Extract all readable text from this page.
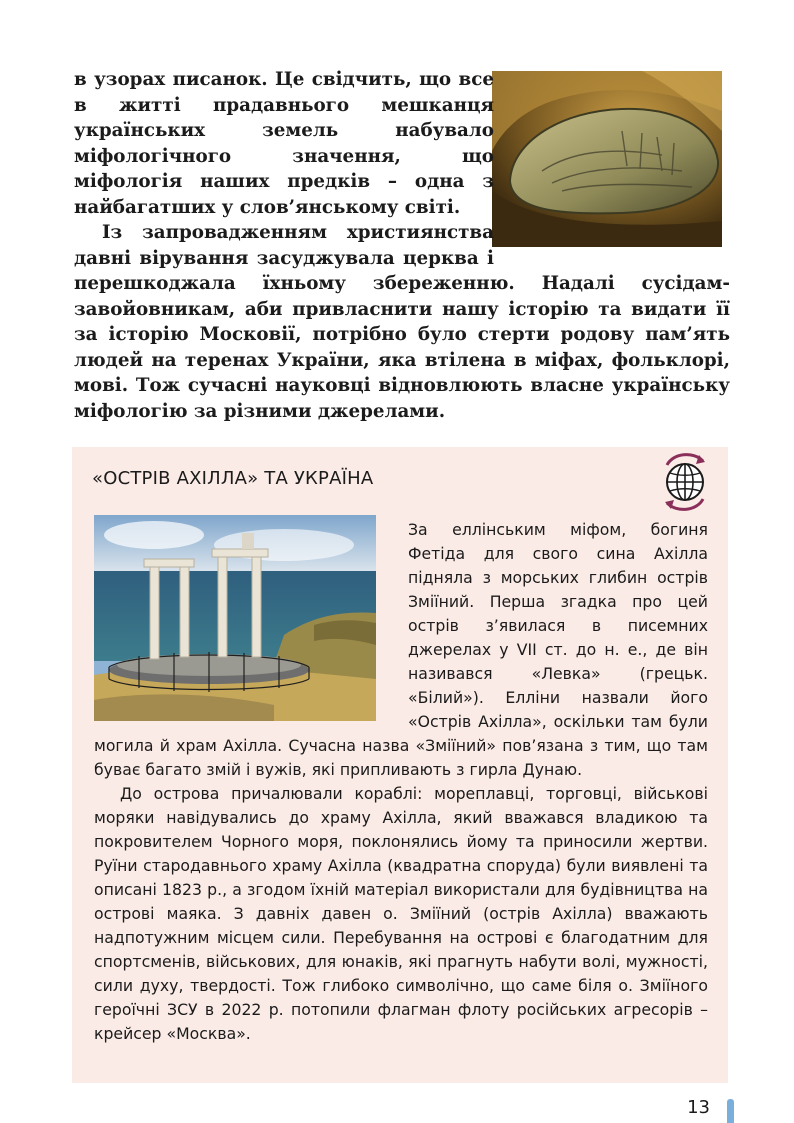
в узорах писанок. Це свідчить, що все в житті прадавнього мешканця українських земель набувало міфологічного значення, що міфологія наших предків – одна з найбагатших у слов’янському світі.

Із запровадженням християнства давні вірування засуджувала церква і перешкоджала їхньому збереженню. Надалі сусідам-завойовникам, аби привласнити нашу історію та видати її за історію Московії, потрібно було стерти родову пам’ять людей на теренах України, яка втілена в міфах, фольклорі, мові. Тож сучасні науковці відновлюють власне українську міфологію за різними джерелами.

«ОСТРІВ АХІЛЛА» ТА УКРАЇНА

За еллінським міфом, богиня Фетіда для свого сина Ахілла підняла з морських глибин острів Зміїний. Перша згадка про цей острів з’явилася в писемних джерелах у VII ст. до н. е., де він називався «Левка» (грецьк. «Білий»). Елліни назвали його «Острів Ахілла», оскільки там були могила й храм Ахілла. Сучасна назва «Зміїний» пов’язана з тим, що там буває багато змій і вужів, які припливають з гирла Дунаю.

До острова причалювали кораблі: мореплавці, торговці, військові моряки навідувались до храму Ахілла, який вважався владикою та покровителем Чорного моря, поклонялись йому та приносили жертви. Руїни стародавнього храму Ахілла (квадратна споруда) були виявлені та описані 1823 р., а згодом їхній матеріал використали для будівництва на острові маяка. З давніх давен о. Зміїний (острів Ахілла) вважають надпотужним місцем сили. Перебування на острові є благодатним для спортсменів, військових, для юнаків, які прагнуть набути волі, мужності, сили духу, твердості. Тож глибоко символічно, що саме біля о. Зміїного героїчні ЗСУ в 2022 р. потопили флагман флоту російських агресорів – крейсер «Москва».

13
